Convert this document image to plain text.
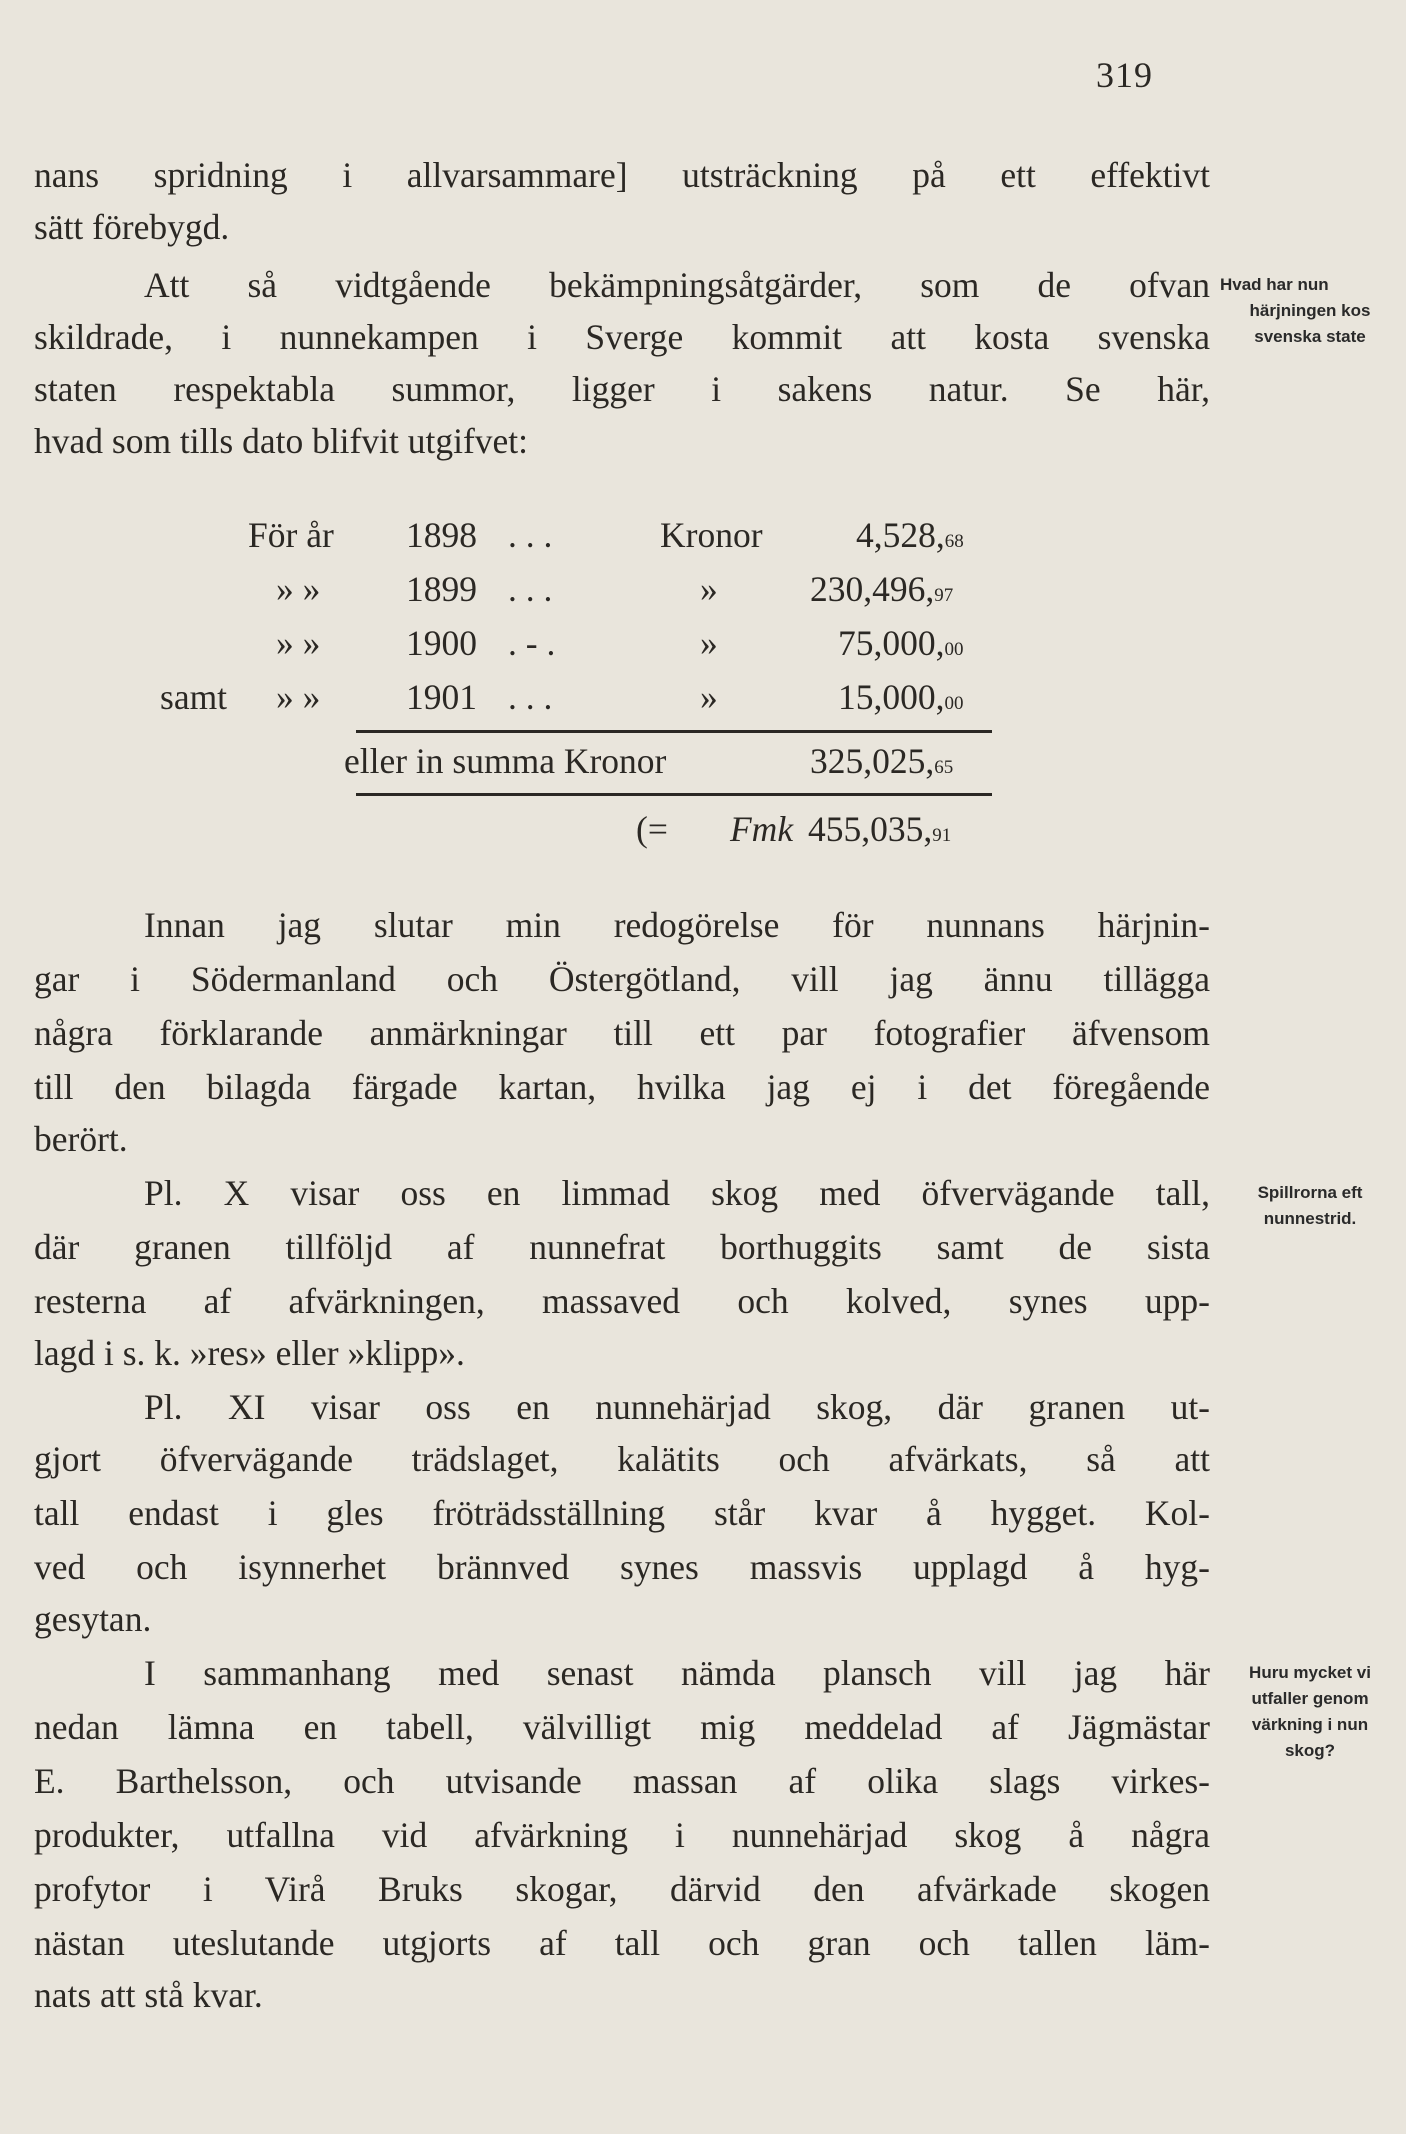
319
nans spridning i allvarsammare] utsträckning på ett effektivt
sätt förebygd.
Att så vidtgående bekämpningsåtgärder, som de ofvan
skildrade, i nunnekampen i Sverge kommit att kosta svenska
staten respektabla summor, ligger i sakens natur. Se här,
hvad som tills dato blifvit utgifvet:
Hvad har nun
härjningen kos
svenska state
För år 1898 . . .	Kronor	4,528,68
» » 1899 . . .	»	230,496,97
» » 1900 . - .	»	75,000,00
samt » » 1901 . . .	»	15,000,00
eller in summa Kronor	325,025,65
(= Fmk 455,035,91
Innan jag slutar min redogörelse för nunnans härjnin-
gar i Södermanland och Östergötland, vill jag ännu tillägga
några förklarande anmärkningar till ett par fotografier äfvensom
till den bilagda färgade kartan, hvilka jag ej i det föregående
berört.
Pl. X visar oss en limmad skog med öfvervägande tall,
där granen tillföljd af nunnefrat borthuggits samt de sista
resterna af afvärkningen, massaved och kolved, synes upp-
lagd i s. k. »res» eller »klipp».
Spillrorna eft
nunnestrid.
Pl. XI visar oss en nunnehärjad skog, där granen ut-
gjort öfvervägande trädslaget, kalätits och afvärkats, så att
tall endast i gles fröträdsställning står kvar å hygget. Kol-
ved och isynnerhet brännved synes massvis upplagd å hyg-
gesytan.
I sammanhang med senast nämda plansch vill jag här
nedan lämna en tabell, välvilligt mig meddelad af Jägmästar
E. Barthelsson, och utvisande massan af olika slags virkes-
produkter, utfallna vid afvärkning i nunnehärjad skog å några
profytor i Virå Bruks skogar, därvid den afvärkade skogen
nästan uteslutande utgjorts af tall och gran och tallen läm-
nats att stå kvar.
Huru mycket vi
utfaller genom
värkning i nun
skog?
